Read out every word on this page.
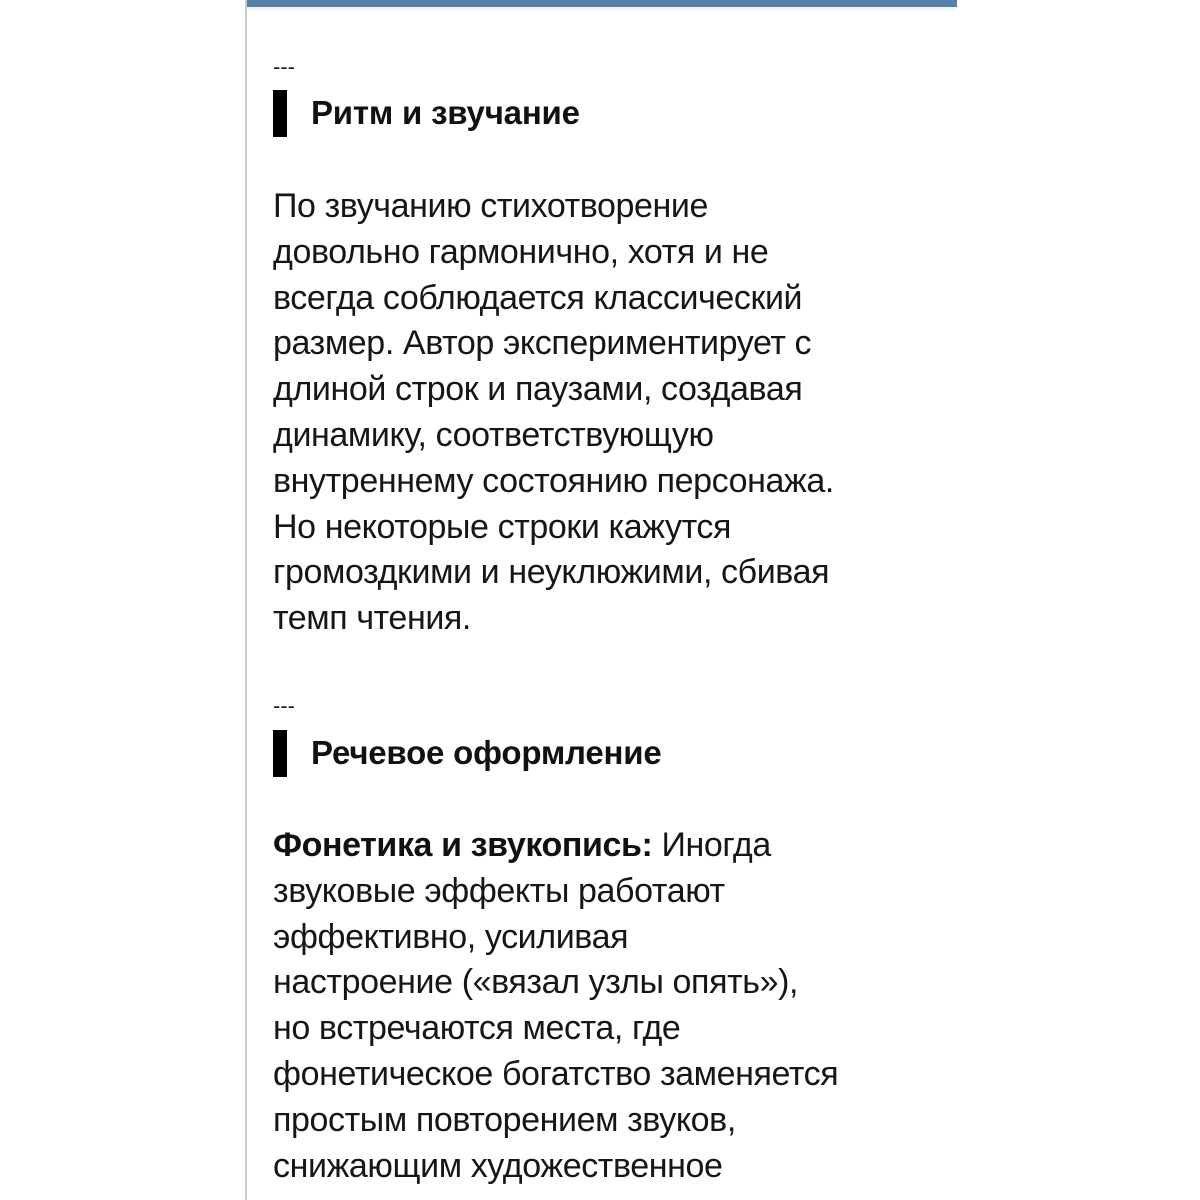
---
Ритм и звучание
По звучанию стихотворение
довольно гармонично, хотя и не
всегда соблюдается классический
размер. Автор экспериментирует с
длиной строк и паузами, создавая
динамику, соответствующую
внутреннему состоянию персонажа.
Но некоторые строки кажутся
громоздкими и неуклюжими, сбивая
темп чтения.
---
Речевое оформление
Фонетика и звукопись: Иногда
звуковые эффекты работают
эффективно, усиливая
настроение («вязал узлы опять»),
но встречаются места, где
фонетическое богатство заменяется
простым повторением звуков,
снижающим художественное
